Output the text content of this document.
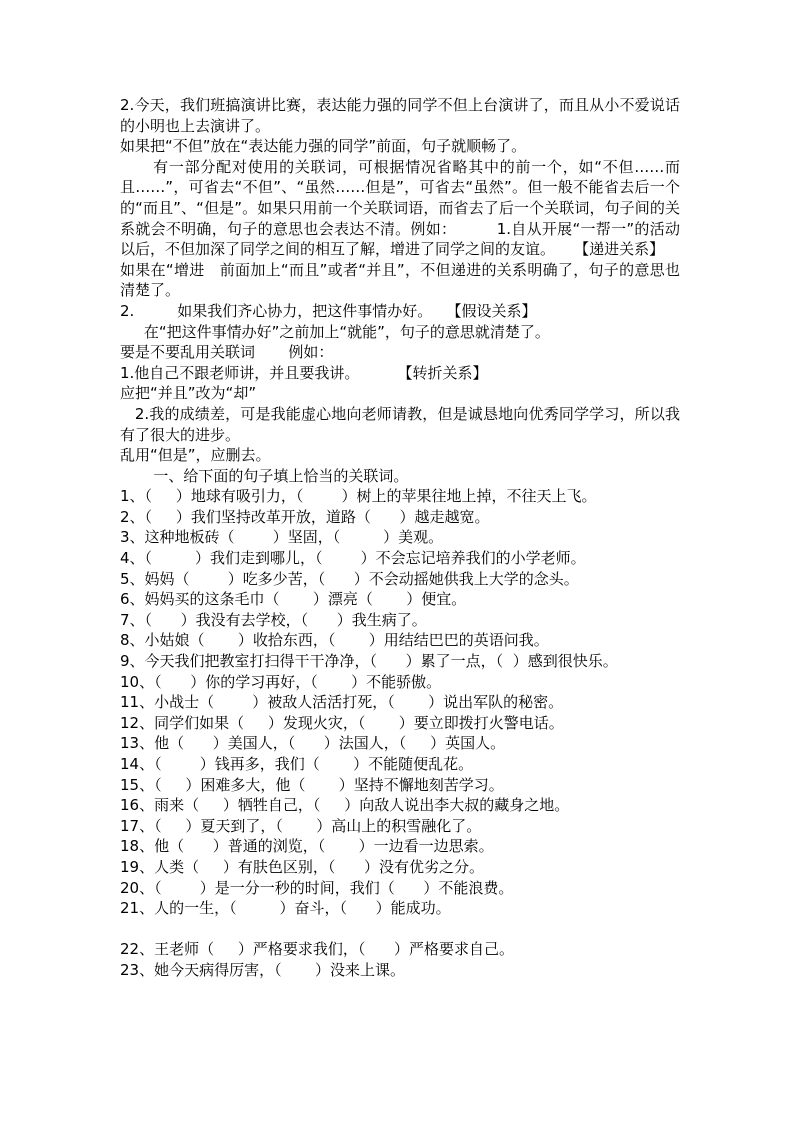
2.今天，我们班搞演讲比赛，表达能力强的同学不但上台演讲了，而且从小不爱说话的小明也上去演讲了。

如果把“不但”放在“表达能力强的同学”前面，句子就顺畅了。

有一部分配对使用的关联词，可根据情况省略其中的前一个，如“不但……而且……”，可省去“不但”、“虽然……但是”，可省去“虽然”。但一般不能省去后一个的“而且”、“但是”。如果只用前一个关联词语，而省去了后一个关联词，句子间的关系就会不明确，句子的意思也会表达不清。例如：        1.自从开展“一帮一”的活动以后，不但加深了同学之间的相互了解，增进了同学之间的友谊。    【递进关系】

如果在“增进   前面加上“而且”或者“并且”，不但递进的关系明确了，句子的意思也清楚了。

2.         如果我们齐心协力，把这件事情办好。   【假设关系】

在“把这件事情办好”之前加上“就能”，句子的意思就清楚了。

要是不要乱用关联词       例如：

1.他自己不跟老师讲，并且要我讲。        【转折关系】

应把“并且”改为“却”

2.我的成绩差，可是我能虚心地向老师请教，但是诚恳地向优秀同学学习，所以我有了很大的进步。

乱用“但是”，应删去。

一、给下面的句子填上恰当的关联词。

1、（     ）地球有吸引力，（        ）树上的苹果往地上掉，不往天上飞。

2、（     ）我们坚持改革开放，道路（      ）越走越宽。

3、这种地板砖（        ）坚固，（         ）美观。

4、（         ）我们走到哪儿，（        ）不会忘记培养我们的小学老师。

5、妈妈（        ）吃多少苦，（      ）不会动摇她供我上大学的念头。

6、妈妈买的这条毛巾（       ）漂亮（       ）便宜。

7、（      ）我没有去学校，（      ）我生病了。

8、小姑娘（       ）收拾东西，（       ）用结结巴巴的英语问我。

9、今天我们把教室打扫得干干净净，（      ）累了一点，（  ）感到很快乐。

10、（      ）你的学习再好，（       ）不能骄傲。

11、小战士（        ）被敌人活活打死，（       ）说出军队的秘密。

12、同学们如果（     ）发现火灾，（       ）要立即拨打火警电话。

13、他（      ）美国人，（      ）法国人，（     ）英国人。

14、（        ）钱再多，我们（       ）不能随便乱花。

15、（     ）困难多大，他（       ）坚持不懈地刻苦学习。

16、雨来（     ）牺牲自己，（     ）向敌人说出李大叔的藏身之地。

17、（     ）夏天到了，（       ）高山上的积雪融化了。

18、他（      ）普通的浏览，（       ）一边看一边思索。

19、人类（     ）有肤色区别，（      ）没有优劣之分。

20、（        ）是一分一秒的时间，我们（      ）不能浪费。

21、人的一生，（         ）奋斗，（      ）能成功。

22、王老师（     ）严格要求我们，（      ）严格要求自己。

23、她今天病得厉害，（       ）没来上课。
